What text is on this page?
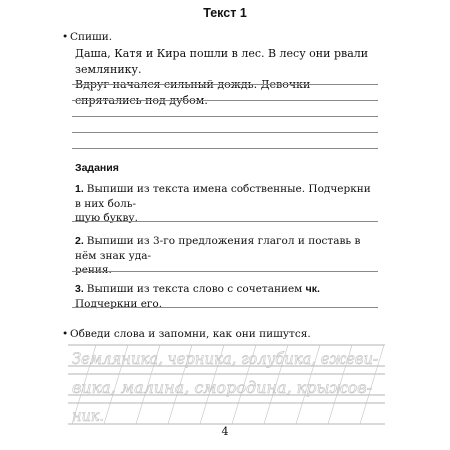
Текст 1
• Спиши.
Даша, Катя и Кира пошли в лес. В лесу они рвали землянику.
Вдруг начался сильный дождь. Девочки спрятались под дубом.
Задания
1. Выпиши из текста имена собственные. Подчеркни в них боль-
шую букву.
2. Выпиши из 3-го предложения глагол и поставь в нём знак уда-
рения.
3. Выпиши из текста слово с сочетанием чк. Подчеркни его.
• Обведи слова и запомни, как они пишутся.
Земляника, черника, голубика, ежеви-
вика, малина, смородина, крыжов-
ник.
4
